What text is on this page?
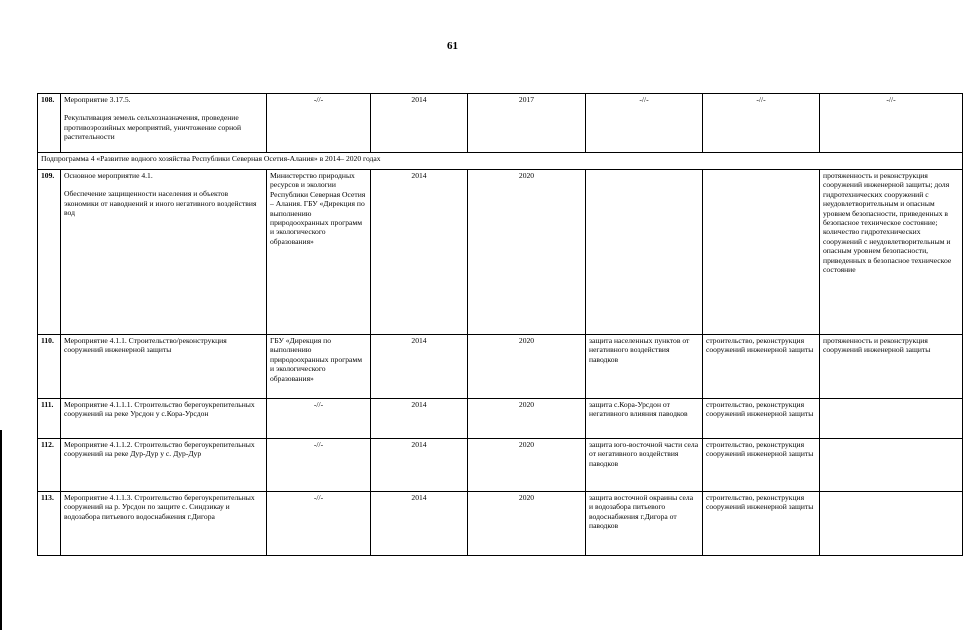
61
108.	Мероприятие 3.17.5.
Рекультивация земель сельхозназначения, проведение противоэрозийных мероприятий, уничтожение сорной растительности	-//-	2014	2017	-//-	-//-	-//-
Подпрограмма 4 «Развитие водного хозяйства Республики Северная Осетия-Алания» в 2014– 2020 годах							
109.	Основное мероприятие 4.1.
Обеспечение защищенности населения и объектов экономики от наводнений и иного негативного воздействия вод	Министерство природных ресурсов и экологии Республики Северная Осетия – Алания. ГБУ «Дирекция по выполнению природоохранных программ и экологического образования»	2014	2020			протяженность и реконструкция сооружений инженерной защиты; доля гидротехнических сооружений с неудовлетворительным и опасным уровнем безопасности, приведенных в безопасное техническое состояние; количество гидротехнических сооружений с неудовлетворительным и опасным уровнем безопасности, приведенных в безопасное техническое состояние
110.	Мероприятие 4.1.1. Строительство/реконструкция сооружений инженерной защиты	ГБУ «Дирекция по выполнению природоохранных программ и экологического образования»	2014	2020	защита населенных пунктов от негативного воздействия паводков	строительство, реконструкция сооружений инженерной защиты	протяженность и реконструкция сооружений инженерной защиты
111.	Мероприятие 4.1.1.1. Строительство берегоукрепительных сооружений на реке Урсдон у с.Кора-Урсдон	-//-	2014	2020	защита с.Кора-Урсдон от негативного влияния паводков	строительство, реконструкция сооружений инженерной защиты	
112.	Мероприятие 4.1.1.2. Строительство берегоукрепительных сооружений на реке Дур-Дур у с. Дур-Дур	-//-	2014	2020	защита юго-восточной части села от негативного воздействия паводков	строительство, реконструкция сооружений инженерной защиты	
113.	Мероприятие 4.1.1.3. Строительство берегоукрепительных сооружений на р. Урсдон по защите с. Синдзикау и водозабора питьевого водоснабжения г.Дигора	-//-	2014	2020	защита восточной окраины села и водозабора питьевого водоснабжения г.Дигора от паводков	строительство, реконструкция сооружений инженерной защиты	
